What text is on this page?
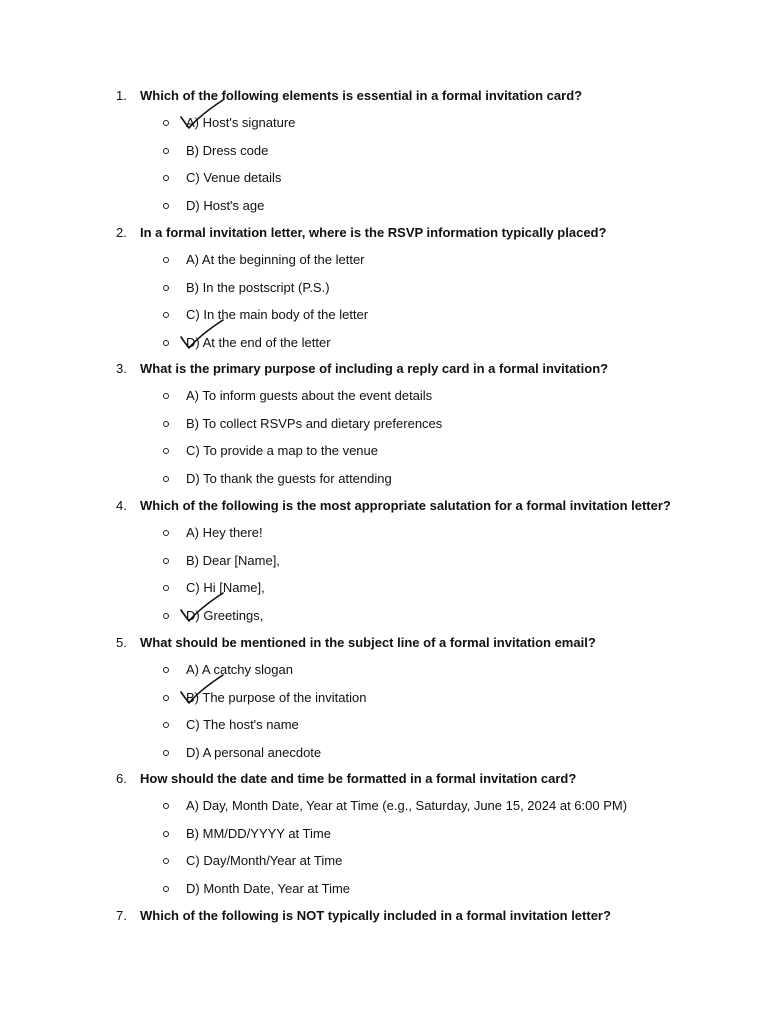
1. Which of the following elements is essential in a formal invitation card?
A) Host's signature
B) Dress code
C) Venue details
D) Host's age
2. In a formal invitation letter, where is the RSVP information typically placed?
A) At the beginning of the letter
B) In the postscript (P.S.)
C) In the main body of the letter
D) At the end of the letter
3. What is the primary purpose of including a reply card in a formal invitation?
A) To inform guests about the event details
B) To collect RSVPs and dietary preferences
C) To provide a map to the venue
D) To thank the guests for attending
4. Which of the following is the most appropriate salutation for a formal invitation letter?
A) Hey there!
B) Dear [Name],
C) Hi [Name],
D) Greetings,
5. What should be mentioned in the subject line of a formal invitation email?
A) A catchy slogan
B) The purpose of the invitation
C) The host's name
D) A personal anecdote
6. How should the date and time be formatted in a formal invitation card?
A) Day, Month Date, Year at Time (e.g., Saturday, June 15, 2024 at 6:00 PM)
B) MM/DD/YYYY at Time
C) Day/Month/Year at Time
D) Month Date, Year at Time
7. Which of the following is NOT typically included in a formal invitation letter?
